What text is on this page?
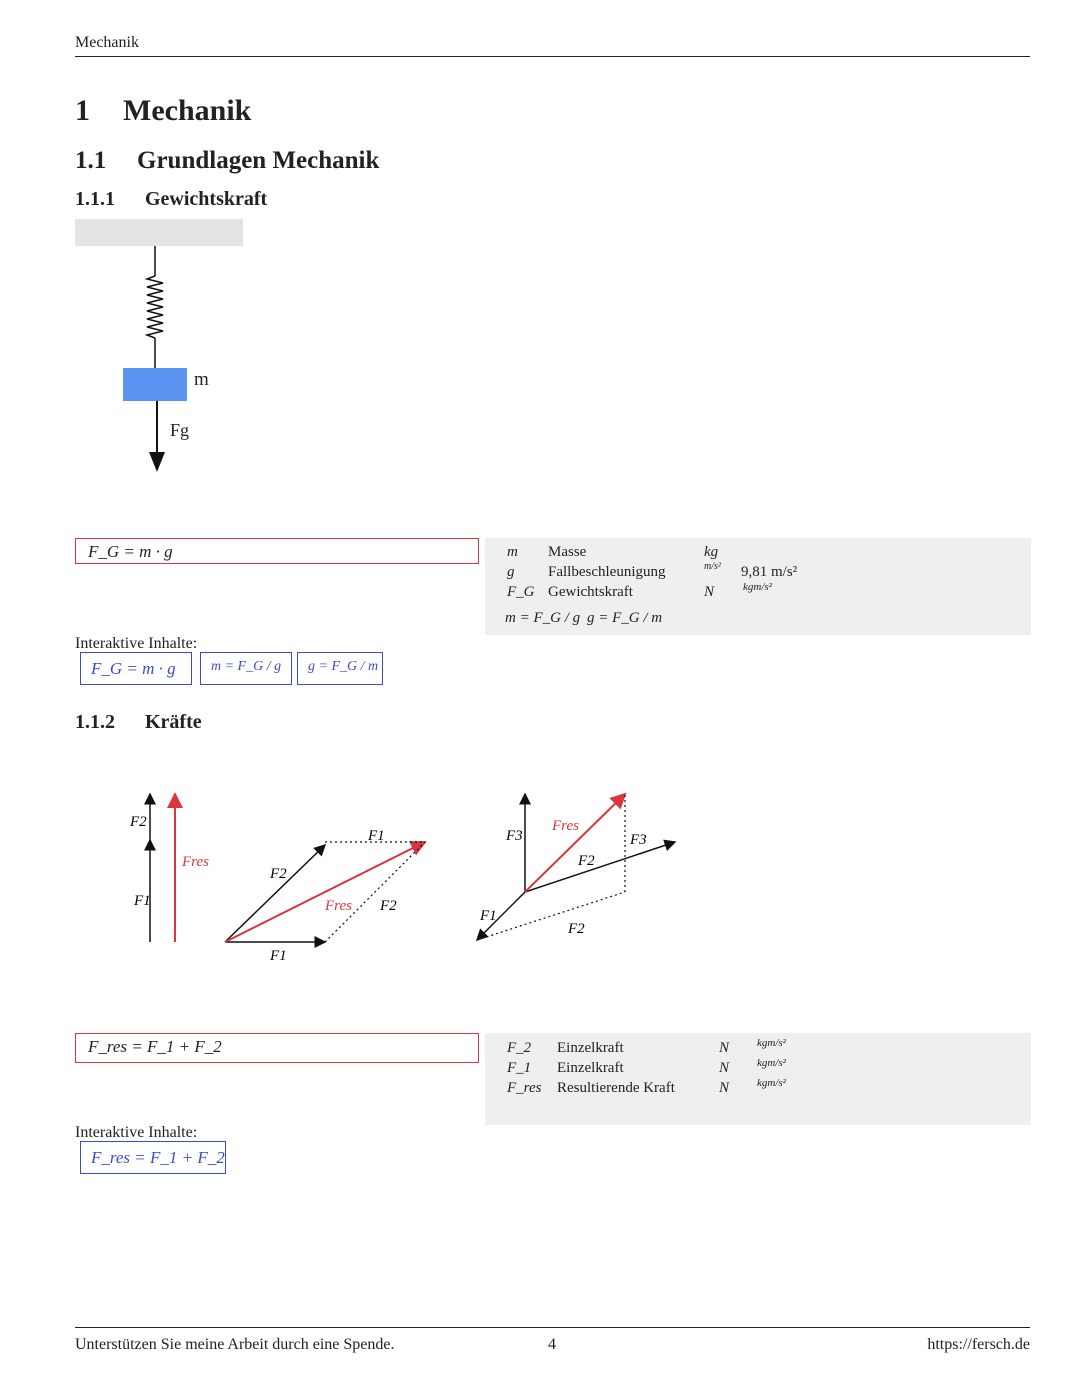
Mechanik
1 Mechanik
1.1 Grundlagen Mechanik
1.1.1 Gewichtskraft
m
Fg
F_G = m · g	m Masse	kg
g Fallbeschleunigung	m/s² 9,81 m/s²
F_G Gewichtskraft	N	kgm/s²
m = F_G / g g = F_G / m
Interaktive Inhalte:
F_G = m · g	m = F_G / g	g = F_G / m
1.1.2 Kräfte
F2
F1
Fres
F2
F1
Fres
F1
F2
F3
Fres
F3
F2
F1
F2
F_res = F_1 + F_2	F_2 Einzelkraft	N	kgm/s²
F_1 Einzelkraft	N	kgm/s²
F_res Resultierende Kraft	N	kgm/s²
Interaktive Inhalte:
F_res = F_1 + F_2
Unterstützen Sie meine Arbeit durch eine Spende.	4	https://fersch.de
